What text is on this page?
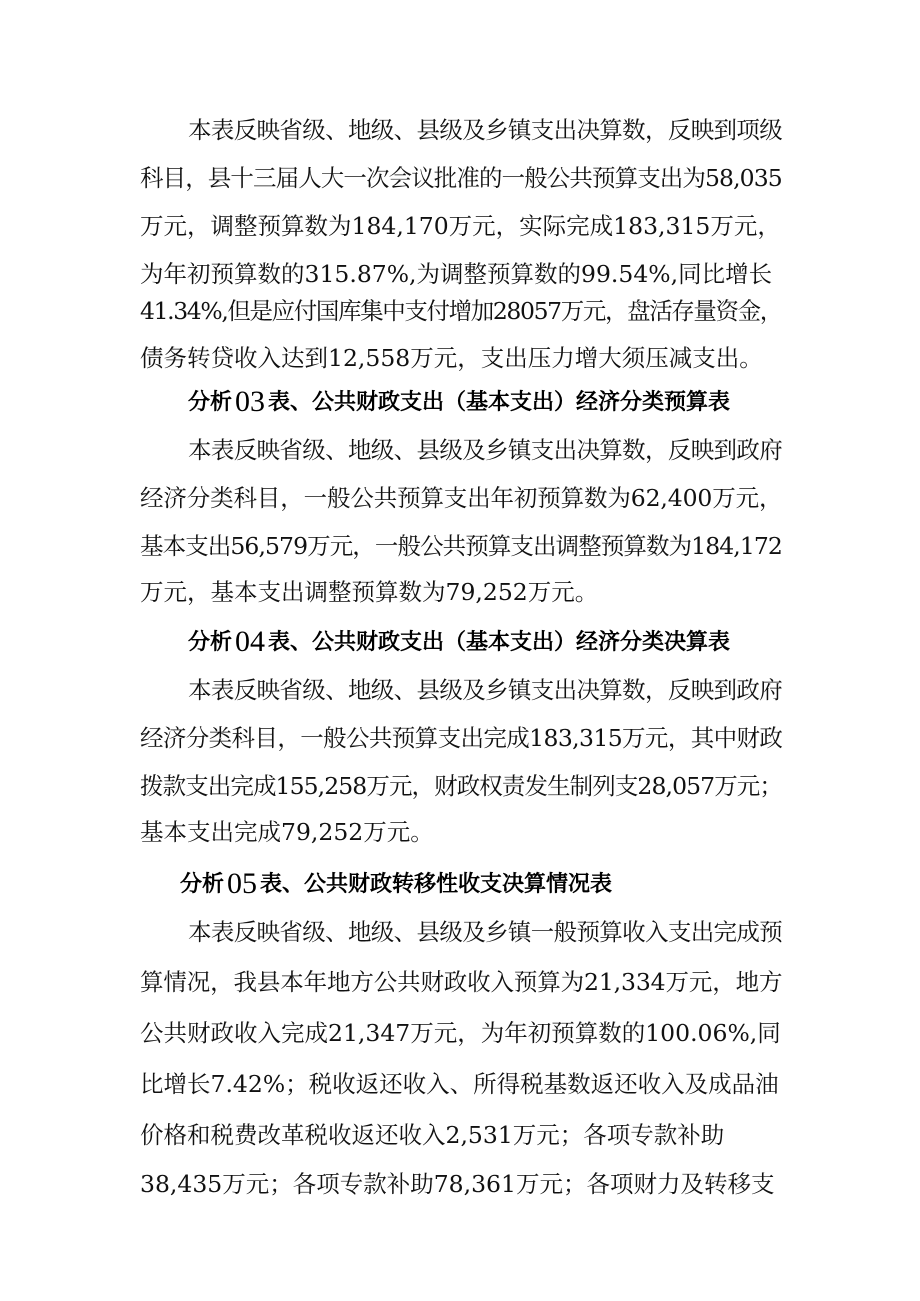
本表反映省级、地级、县级及乡镇支出决算数，反映到项级
科目，县十三届人大一次会议批准的一般公共预算支出为58,035
万元，调整预算数为184,170万元，实际完成183,315万元，
为年初预算数的315.87%,为调整预算数的99.54%,同比增长
41.34%,但是应付国库集中支付增加28057万元，盘活存量资金，
债务转贷收入达到12,558万元，支出压力增大须压减支出。
分析 03 表、公共财政支出（基本支出）经济分类预算表
本表反映省级、地级、县级及乡镇支出决算数，反映到政府
经济分类科目，一般公共预算支出年初预算数为62,400万元，
基本支出56,579万元，一般公共预算支出调整预算数为184,172
万元，基本支出调整预算数为79,252万元。
分析 04 表、公共财政支出（基本支出）经济分类决算表
本表反映省级、地级、县级及乡镇支出决算数，反映到政府
经济分类科目，一般公共预算支出完成183,315万元，其中财政
拨款支出完成155,258万元，财政权责发生制列支28,057万元；
基本支出完成79,252万元。
分析 05 表、公共财政转移性收支决算情况表
本表反映省级、地级、县级及乡镇一般预算收入支出完成预
算情况，我县本年地方公共财政收入预算为21,334万元，地方
公共财政收入完成21,347万元，为年初预算数的100.06%,同
比增长7.42%；税收返还收入、所得税基数返还收入及成品油
价格和税费改革税收返还收入2,531万元；各项专款补助
38,435万元；各项专款补助78,361万元；各项财力及转移支
